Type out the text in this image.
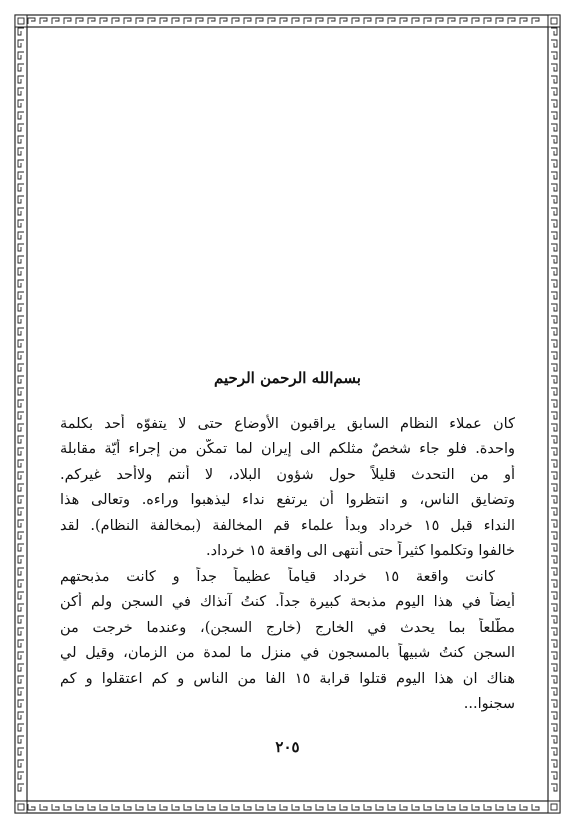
بسم‌الله الرحمن الرحيم
كان عملاء النظام السابق يراقبون الأوضاع حتى لا يتفوّه أحد بكلمة
واحدة. فلو جاء شخصٌ مثلكم الى إيران لما تمكّن من إجراء أيّة مقابلة
أو من التحدث قليلاً حول شؤون البلاد، لا أنتم ولاأحد غيركم.
وتضايق الناس، و انتظروا أن يرتفع نداء ليذهبوا وراءه. وتعالى هذا
النداء قبل ١٥ خرداد وبدأ علماء قم المخالفة (بمخالفة النظام). لقد
خالفوا وتكلموا كثيراً حتى أنتهى الى واقعة ١٥ خرداد.
كانت واقعة ١٥ خرداد قياماً عظيماً جداً و كانت مذبحتهم
أيضاً في هذا اليوم مذبحة كبيرة جداً. كنتُ آنذاك في السجن ولم أكن
مطّلعاً بما يحدث في الخارج (خارج السجن)، وعندما خرجت من
السجن كنتُ شبيهاً بالمسجون في منزل ما لمدة من الزمان، وقيل لي
هناك ان هذا اليوم قتلوا قرابة ١٥ الفا من الناس و كم اعتقلوا و كم
سجنوا...
٢٠٥
